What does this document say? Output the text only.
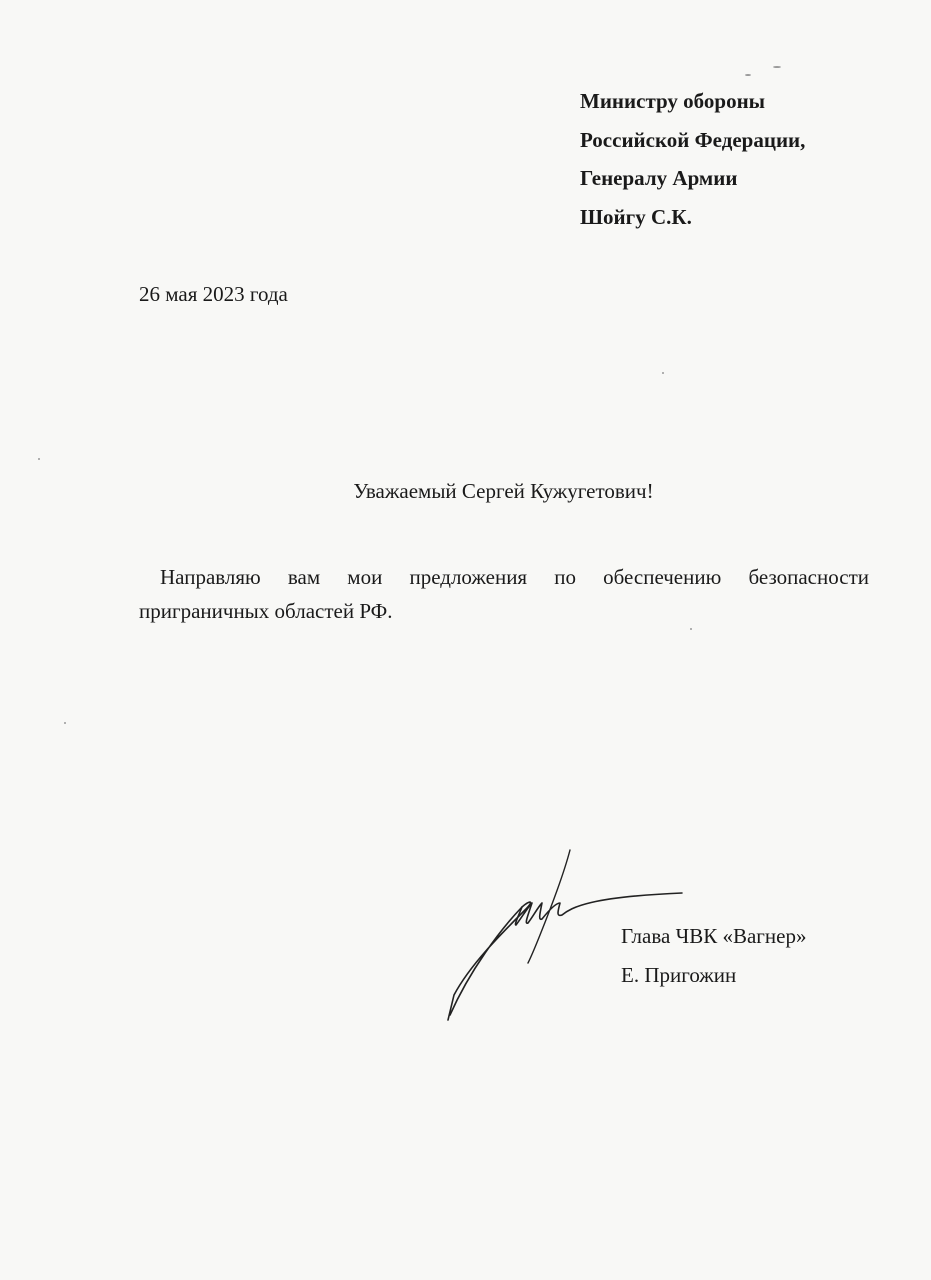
Министру обороны
Российской Федерации,
Генералу Армии
Шойгу С.К.
26 мая 2023 года
Уважаемый Сергей Кужугетович!
Направляю вам мои предложения по обеспечению безопасности
приграничных областей РФ.
Глава ЧВК «Вагнер»
Е. Пригожин
